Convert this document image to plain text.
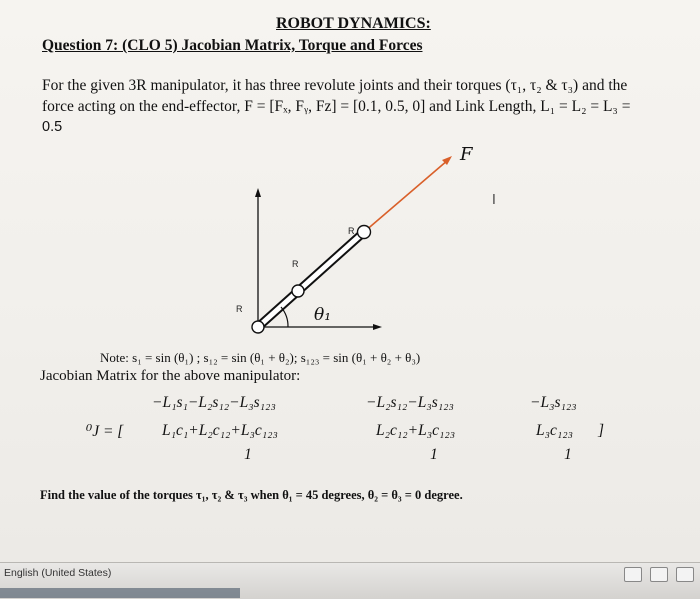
ROBOT DYNAMICS:
Question 7: (CLO 5) Jacobian Matrix, Torque and Forces
For the given 3R manipulator, it has three revolute joints and their torques (τ₁, τ₂ & τ₃) and the
force acting on the end-effector, F = [Fₓ, Fᵧ, Fᴢ] = [0.1, 0.5, 0] and Link Length, L₁ = L₂ = L₃ =
0.5
R
R
R
θ₁
F
I
Note: s₁ = sin (θ₁) ; s₁₂ = sin (θ₁ + θ₂); s₁₂₃ = sin (θ₁ + θ₂ + θ₃)
Jacobian Matrix for the above manipulator:
−L₁s₁−L₂s₁₂−L₃s₁₂₃	−L₂s₁₂−L₃s₁₂₃	−L₃s₁₂₃
⁰J = [ L₁c₁+L₂c₁₂+L₃c₁₂₃	L₂c₁₂+L₃c₁₂₃	L₃c₁₂₃ ]
1	1	1
Find the value of the torques τ₁, τ₂ & τ₃ when θ₁ = 45 degrees, θ₂ = θ₃ = 0 degree.
English (United States)
